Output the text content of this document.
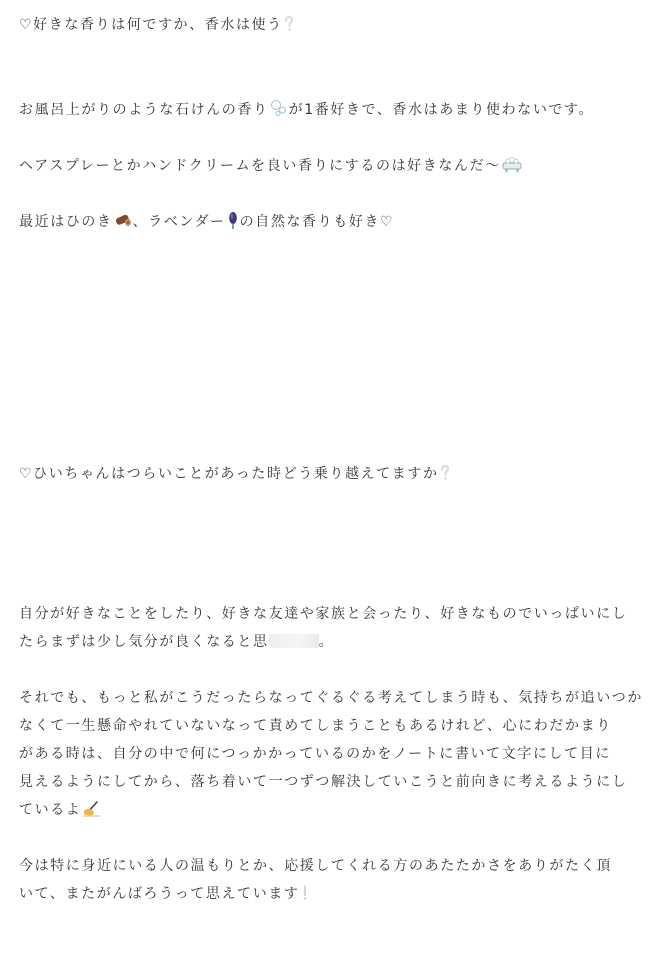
♡好きな香りは何ですか、香水は使う
お風呂上がりのような石けんの香り が1番好きで、香水はあまり使わないです。
ヘアスプレーとかハンドクリームを良い香りにするのは好きなんだ〜
最近はひのき 、ラベンダー の自然な香りも好き♡
♡ひいちゃんはつらいことがあった時どう乗り越えてますか
自分が好きなことをしたり、好きな友達や家族と会ったり、好きなものでいっぱいにし
たらまずは少し気分が良くなると思	。
それでも、もっと私がこうだったらなってぐるぐる考えてしまう時も、気持ちが追いつか
なくて一生懸命やれていないなって責めてしまうこともあるけれど、心にわだかまり
がある時は、自分の中で何につっかかっているのかをノートに書いて文字にして目に
見えるようにしてから、落ち着いて一つずつ解決していこうと前向きに考えるようにし
ているよ
今は特に身近にいる人の温もりとか、応援してくれる方のあたたかさをありがたく頂
いて、またがんばろうって思えています
